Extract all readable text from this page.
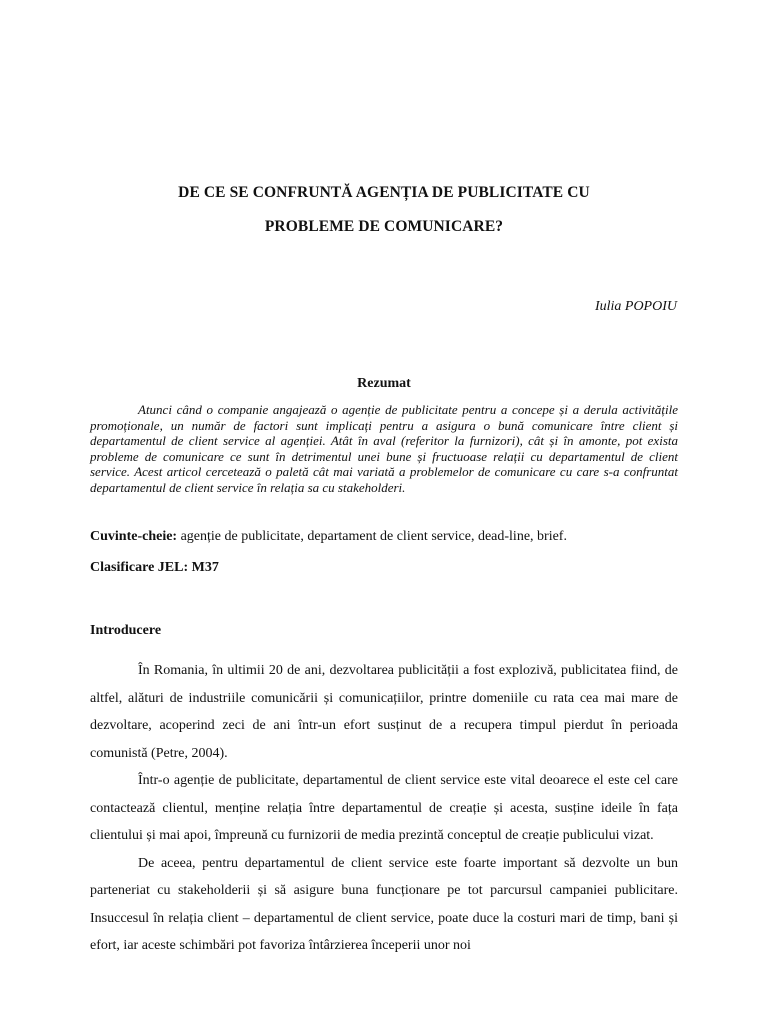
DE CE SE CONFRUNTĂ AGENȚIA DE PUBLICITATE CU
PROBLEME DE COMUNICARE?
Iulia POPOIU
Rezumat

Atunci când o companie angajează o agenție de publicitate pentru a concepe și a derula activitățile promoționale, un număr de factori sunt implicați pentru a asigura o bună comunicare între client și departamentul de client service al agenției. Atât în aval (referitor la furnizori), cât și în amonte, pot exista probleme de comunicare ce sunt în detrimentul unei bune și fructuoase relații cu departamentul de client service. Acest articol cercetează o paletă cât mai variată a problemelor de comunicare cu care s-a confruntat departamentul de client service în relația sa cu stakeholderi.

Cuvinte-cheie: agenție de publicitate, departament de client service, dead-line, brief.

Clasificare JEL: M37

Introducere

În Romania, în ultimii 20 de ani, dezvoltarea publicității a fost explozivă, publicitatea fiind, de altfel, alături de industriile comunicării și comunicațiilor, printre domeniile cu rata cea mai mare de dezvoltare, acoperind zeci de ani într-un efort susținut de a recupera timpul pierdut în perioada comunistă (Petre, 2004).

Într-o agenție de publicitate, departamentul de client service este vital deoarece el este cel care contactează clientul, menține relația între departamentul de creație și acesta, susține ideile în fața clientului și mai apoi, împreună cu furnizorii de media prezintă conceptul de creație publicului vizat.

De aceea, pentru departamentul de client service este foarte important să dezvolte un bun parteneriat cu stakeholderii și să asigure buna funcționare pe tot parcursul campaniei publicitare. Insuccesul în relația client – departamentul de client service, poate duce la costuri mari de timp, bani și efort, iar aceste schimbări pot favoriza întârzierea începerii unor noi
